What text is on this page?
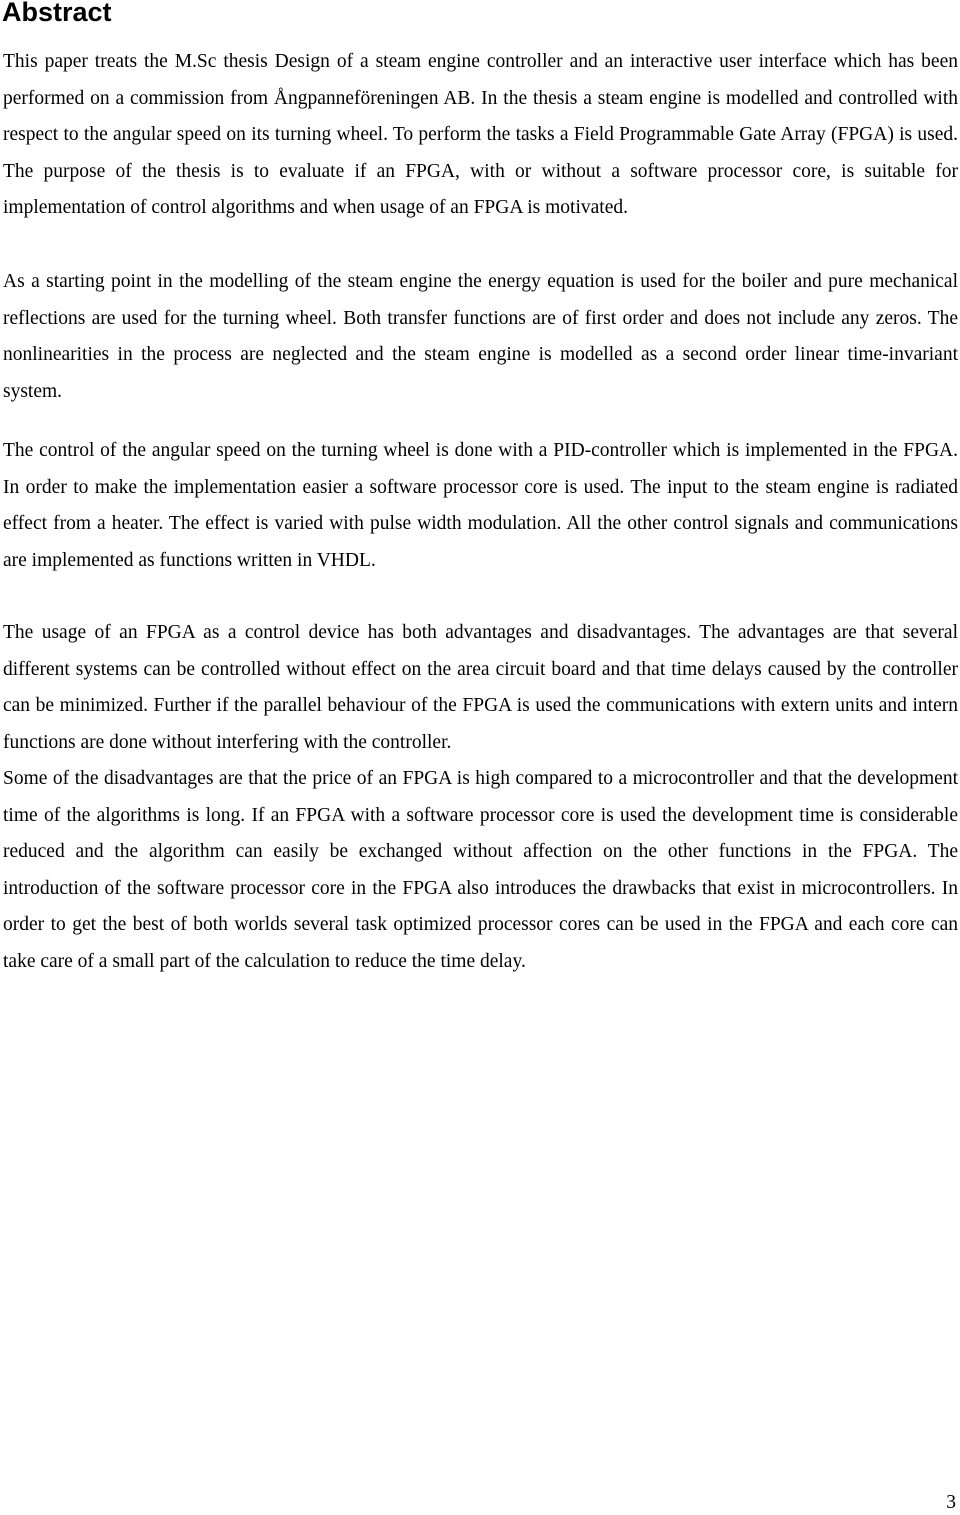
Abstract

This paper treats the M.Sc thesis Design of a steam engine controller and an interactive user interface which has been performed on a commission from Ångpanneföreningen AB. In the thesis a steam engine is modelled and controlled with respect to the angular speed on its turning wheel. To perform the tasks a Field Programmable Gate Array (FPGA) is used. The purpose of the thesis is to evaluate if an FPGA, with or without a software processor core, is suitable for implementation of control algorithms and when usage of an FPGA is motivated.

As a starting point in the modelling of the steam engine the energy equation is used for the boiler and pure mechanical reflections are used for the turning wheel. Both transfer functions are of first order and does not include any zeros. The nonlinearities in the process are neglected and the steam engine is modelled as a second order linear time-invariant system.

The control of the angular speed on the turning wheel is done with a PID-controller which is implemented in the FPGA. In order to make the implementation easier a software processor core is used. The input to the steam engine is radiated effect from a heater. The effect is varied with pulse width modulation. All the other control signals and communications are implemented as functions written in VHDL.

The usage of an FPGA as a control device has both advantages and disadvantages. The advantages are that several different systems can be controlled without effect on the area circuit board and that time delays caused by the controller can be minimized. Further if the parallel behaviour of the FPGA is used the communications with extern units and intern functions are done without interfering with the controller.

Some of the disadvantages are that the price of an FPGA is high compared to a microcontroller and that the development time of the algorithms is long. If an FPGA with a software processor core is used the development time is considerable reduced and the algorithm can easily be exchanged without affection on the other functions in the FPGA. The introduction of the software processor core in the FPGA also introduces the drawbacks that exist in microcontrollers. In order to get the best of both worlds several task optimized processor cores can be used in the FPGA and each core can take care of a small part of the calculation to reduce the time delay.

3
